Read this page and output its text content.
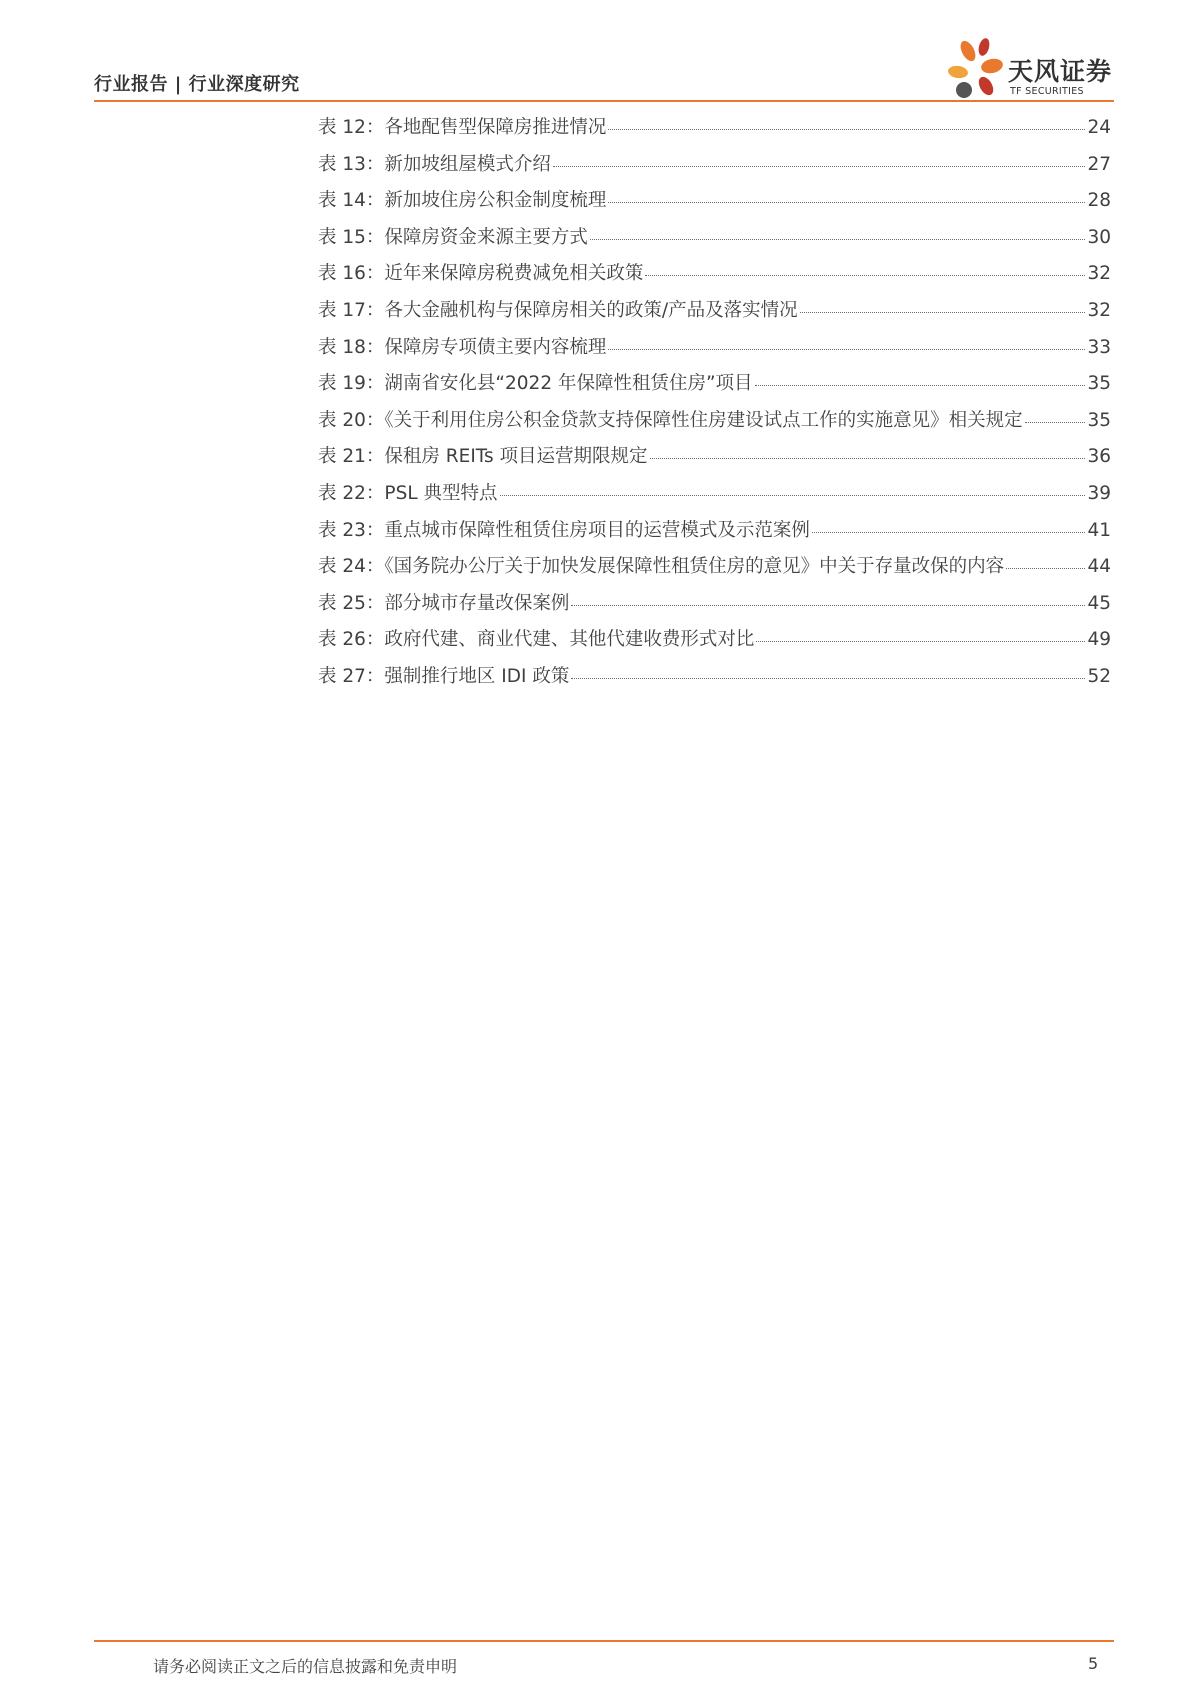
行业报告 | 行业深度研究	天风证券
TF SECURITIES
表 12：各地配售型保障房推进情况	24
表 13：新加坡组屋模式介绍	27
表 14：新加坡住房公积金制度梳理	28
表 15：保障房资金来源主要方式	30
表 16：近年来保障房税费减免相关政策	32
表 17：各大金融机构与保障房相关的政策/产品及落实情况	32
表 18：保障房专项债主要内容梳理	33
表 19：湖南省安化县“2022 年保障性租赁住房”项目	35
表 20：《关于利用住房公积金贷款支持保障性住房建设试点工作的实施意见》相关规定	35
表 21：保租房 REITs 项目运营期限规定	36
表 22：PSL 典型特点	39
表 23：重点城市保障性租赁住房项目的运营模式及示范案例	41
表 24：《国务院办公厅关于加快发展保障性租赁住房的意见》中关于存量改保的内容	44
表 25：部分城市存量改保案例	45
表 26：政府代建、商业代建、其他代建收费形式对比	49
表 27：强制推行地区 IDI 政策	52
请务必阅读正文之后的信息披露和免责申明	5
